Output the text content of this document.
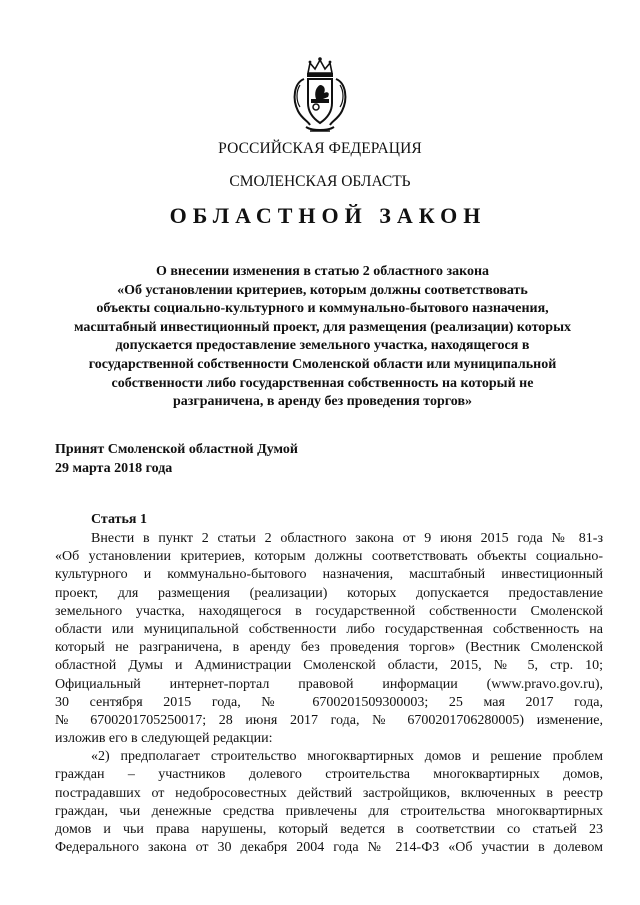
РОССИЙСКАЯ ФЕДЕРАЦИЯ
СМОЛЕНСКАЯ ОБЛАСТЬ
ОБЛАСТНОЙ ЗАКОН
О внесении изменения в статью 2 областного закона
«Об установлении критериев, которым должны соответствовать
объекты социально-культурного и коммунально-бытового назначения,
масштабный инвестиционный проект, для размещения (реализации) которых
допускается предоставление земельного участка, находящегося в
государственной собственности Смоленской области или муниципальной
собственности либо государственная собственность на который не
разграничена, в аренду без проведения торгов»
Принят Смоленской областной Думой
29 марта 2018 года
Статья 1
Внести в пункт 2 статьи 2 областного закона от 9 июня 2015 года № 81-з
«Об установлении критериев, которым должны соответствовать объекты социально-
культурного и коммунально-бытового назначения, масштабный инвестиционный
проект, для размещения (реализации) которых допускается предоставление
земельного участка, находящегося в государственной собственности Смоленской
области или муниципальной собственности либо государственная собственность на
который не разграничена, в аренду без проведения торгов» (Вестник Смоленской
областной Думы и Администрации Смоленской области, 2015, № 5, стр. 10;
Официальный интернет-портал правовой информации (www.pravo.gov.ru),
30 сентября 2015 года, № 6700201509300003; 25 мая 2017 года,
№ 6700201705250017; 28 июня 2017 года, № 6700201706280005) изменение,
изложив его в следующей редакции:
«2) предполагает строительство многоквартирных домов и решение проблем
граждан – участников долевого строительства многоквартирных домов,
пострадавших от недобросовестных действий застройщиков, включенных в реестр
граждан, чьи денежные средства привлечены для строительства многоквартирных
домов и чьи права нарушены, который ведется в соответствии со статьей 23
Федерального закона от 30 декабря 2004 года № 214-ФЗ «Об участии в долевом
